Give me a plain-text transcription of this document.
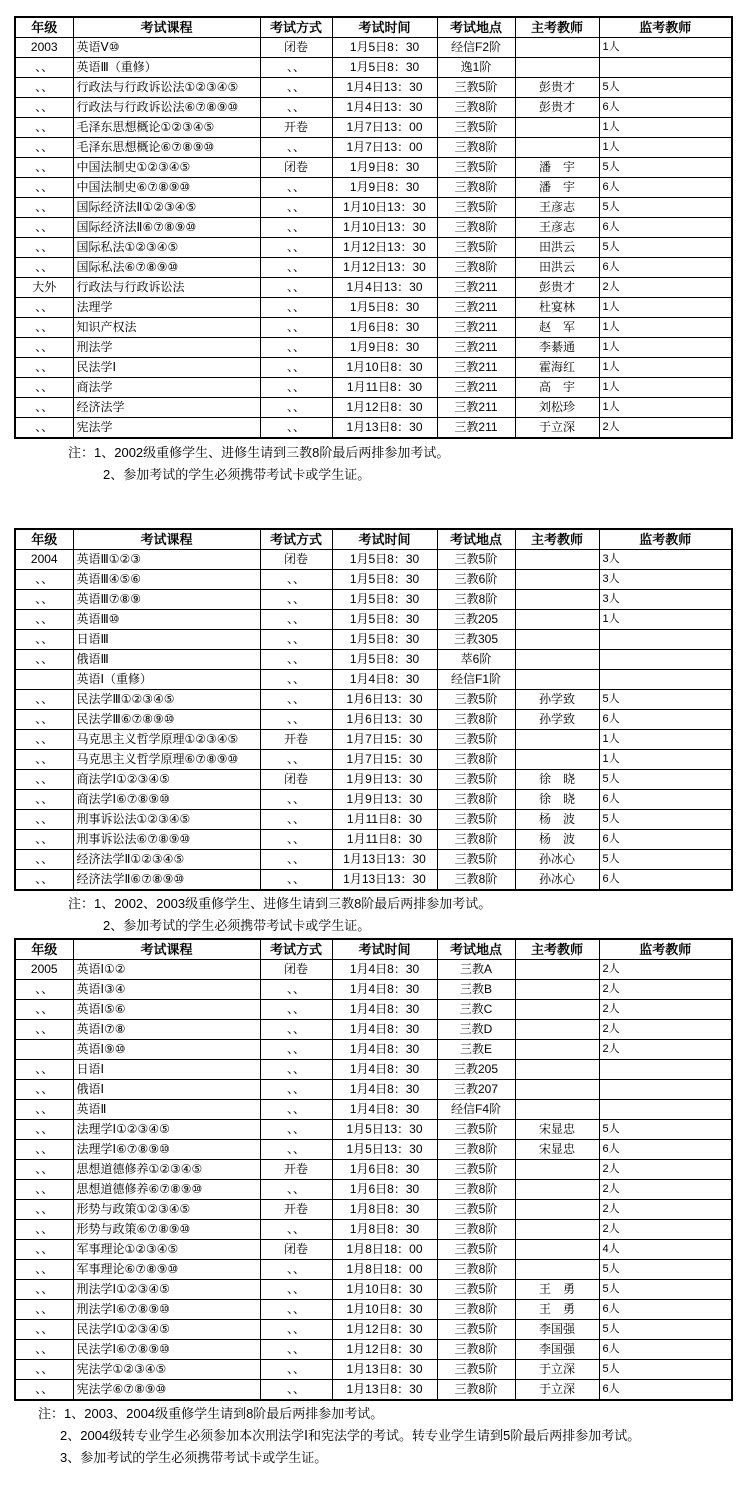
年级	考试课程	考试方式	考试时间	考试地点	主考教师	监考教师
2003	英语Ⅴ⑩	闭卷	1月5日8：30	经信F2阶		1人
、、	英语Ⅲ（重修）	、、	1月5日8：30	逸1阶		
、、	行政法与行政诉讼法①②③④⑤	、、	1月4日13：30	三教5阶	彭贵才	5人
、、	行政法与行政诉讼法⑥⑦⑧⑨⑩	、、	1月4日13：30	三教8阶	彭贵才	6人
、、	毛泽东思想概论①②③④⑤	开卷	1月7日13：00	三教5阶		1人
、、	毛泽东思想概论⑥⑦⑧⑨⑩	、、	1月7日13：00	三教8阶		1人
、、	中国法制史①②③④⑤	闭卷	1月9日8：30	三教5阶	潘　宇	5人
、、	中国法制史⑥⑦⑧⑨⑩	、、	1月9日8：30	三教8阶	潘　宇	6人
、、	国际经济法Ⅱ①②③④⑤	、、	1月10日13：30	三教5阶	王彦志	5人
、、	国际经济法Ⅱ⑥⑦⑧⑨⑩	、、	1月10日13：30	三教8阶	王彦志	6人
、、	国际私法①②③④⑤	、、	1月12日13：30	三教5阶	田洪云	5人
、、	国际私法⑥⑦⑧⑨⑩	、、	1月12日13：30	三教8阶	田洪云	6人
大外	行政法与行政诉讼法	、、	1月4日13：30	三教211	彭贵才	2人
、、	法理学	、、	1月5日8：30	三教211	杜宴林	1人
、、	知识产权法	、、	1月6日8：30	三教211	赵　军	1人
、、	刑法学	、、	1月9日8：30	三教211	李綦通	1人
、、	民法学Ⅰ	、、	1月10日8：30	三教211	霍海红	1人
、、	商法学	、、	1月11日8：30	三教211	高　宇	1人
、、	经济法学	、、	1月12日8：30	三教211	刘松珍	1人
、、	宪法学	、、	1月13日8：30	三教211	于立深	2人
注：1、2002级重修学生、进修生请到三教8阶最后两排参加考试。
2、参加考试的学生必须携带考试卡或学生证。
年级	考试课程	考试方式	考试时间	考试地点	主考教师	监考教师
2004	英语Ⅲ①②③	闭卷	1月5日8：30	三教5阶		3人
、、	英语Ⅲ④⑤⑥	、、	1月5日8：30	三教6阶		3人
、、	英语Ⅲ⑦⑧⑨	、、	1月5日8：30	三教8阶		3人
、、	英语Ⅲ⑩	、、	1月5日8：30	三教205		1人
、、	日语Ⅲ	、、	1月5日8：30	三教305		
、、	俄语Ⅲ	、、	1月5日8：30	萃6阶		
	英语Ⅰ（重修）	、、	1月4日8：30	经信F1阶		
、、	民法学Ⅲ①②③④⑤	、、	1月6日13：30	三教5阶	孙学致	5人
、、	民法学Ⅲ⑥⑦⑧⑨⑩	、、	1月6日13：30	三教8阶	孙学致	6人
、、	马克思主义哲学原理①②③④⑤	开卷	1月7日15：30	三教5阶		1人
、、	马克思主义哲学原理⑥⑦⑧⑨⑩	、、	1月7日15：30	三教8阶		1人
、、	商法学Ⅰ①②③④⑤	闭卷	1月9日13：30	三教5阶	徐　晓	5人
、、	商法学Ⅰ⑥⑦⑧⑨⑩	、、	1月9日13：30	三教8阶	徐　晓	6人
、、	刑事诉讼法①②③④⑤	、、	1月11日8：30	三教5阶	杨　波	5人
、、	刑事诉讼法⑥⑦⑧⑨⑩	、、	1月11日8：30	三教8阶	杨　波	6人
、、	经济法学Ⅱ①②③④⑤	、、	1月13日13：30	三教5阶	孙冰心	5人
、、	经济法学Ⅱ⑥⑦⑧⑨⑩	、、	1月13日13：30	三教8阶	孙冰心	6人
注：1、2002、2003级重修学生、进修生请到三教8阶最后两排参加考试。
2、参加考试的学生必须携带考试卡或学生证。
年级	考试课程	考试方式	考试时间	考试地点	主考教师	监考教师
2005	英语Ⅰ①②	闭卷	1月4日8：30	三教A		2人
、、	英语Ⅰ③④	、、	1月4日8：30	三教B		2人
、、	英语Ⅰ⑤⑥	、、	1月4日8：30	三教C		2人
、、	英语Ⅰ⑦⑧	、、	1月4日8：30	三教D		2人
	英语Ⅰ⑨⑩	、、	1月4日8：30	三教E		2人
、、	日语Ⅰ	、、	1月4日8：30	三教205		
、、	俄语Ⅰ	、、	1月4日8：30	三教207		
、、	英语Ⅱ	、、	1月4日8：30	经信F4阶		
、、	法理学Ⅰ①②③④⑤	、、	1月5日13：30	三教5阶	宋显忠	5人
、、	法理学Ⅰ⑥⑦⑧⑨⑩	、、	1月5日13：30	三教8阶	宋显忠	6人
、、	思想道德修养①②③④⑤	开卷	1月6日8：30	三教5阶		2人
、、	思想道德修养⑥⑦⑧⑨⑩	、、	1月6日8：30	三教8阶		2人
、、	形势与政策①②③④⑤	开卷	1月8日8：30	三教5阶		2人
、、	形势与政策⑥⑦⑧⑨⑩	、、	1月8日8：30	三教8阶		2人
、、	军事理论①②③④⑤	闭卷	1月8日18：00	三教5阶		4人
、、	军事理论⑥⑦⑧⑨⑩	、、	1月8日18：00	三教8阶		5人
、、	刑法学Ⅰ①②③④⑤	、、	1月10日8：30	三教5阶	王　勇	5人
、、	刑法学Ⅰ⑥⑦⑧⑨⑩	、、	1月10日8：30	三教8阶	王　勇	6人
、、	民法学Ⅰ①②③④⑤	、、	1月12日8：30	三教5阶	李国强	5人
、、	民法学Ⅰ⑥⑦⑧⑨⑩	、、	1月12日8：30	三教8阶	李国强	6人
、、	宪法学①②③④⑤	、、	1月13日8：30	三教5阶	于立深	5人
、、	宪法学⑥⑦⑧⑨⑩	、、	1月13日8：30	三教8阶	于立深	6人
注：1、2003、2004级重修学生请到8阶最后两排参加考试。
2、2004级转专业学生必须参加本次刑法学Ⅰ和宪法学的考试。转专业学生请到5阶最后两排参加考试。
3、参加考试的学生必须携带考试卡或学生证。
